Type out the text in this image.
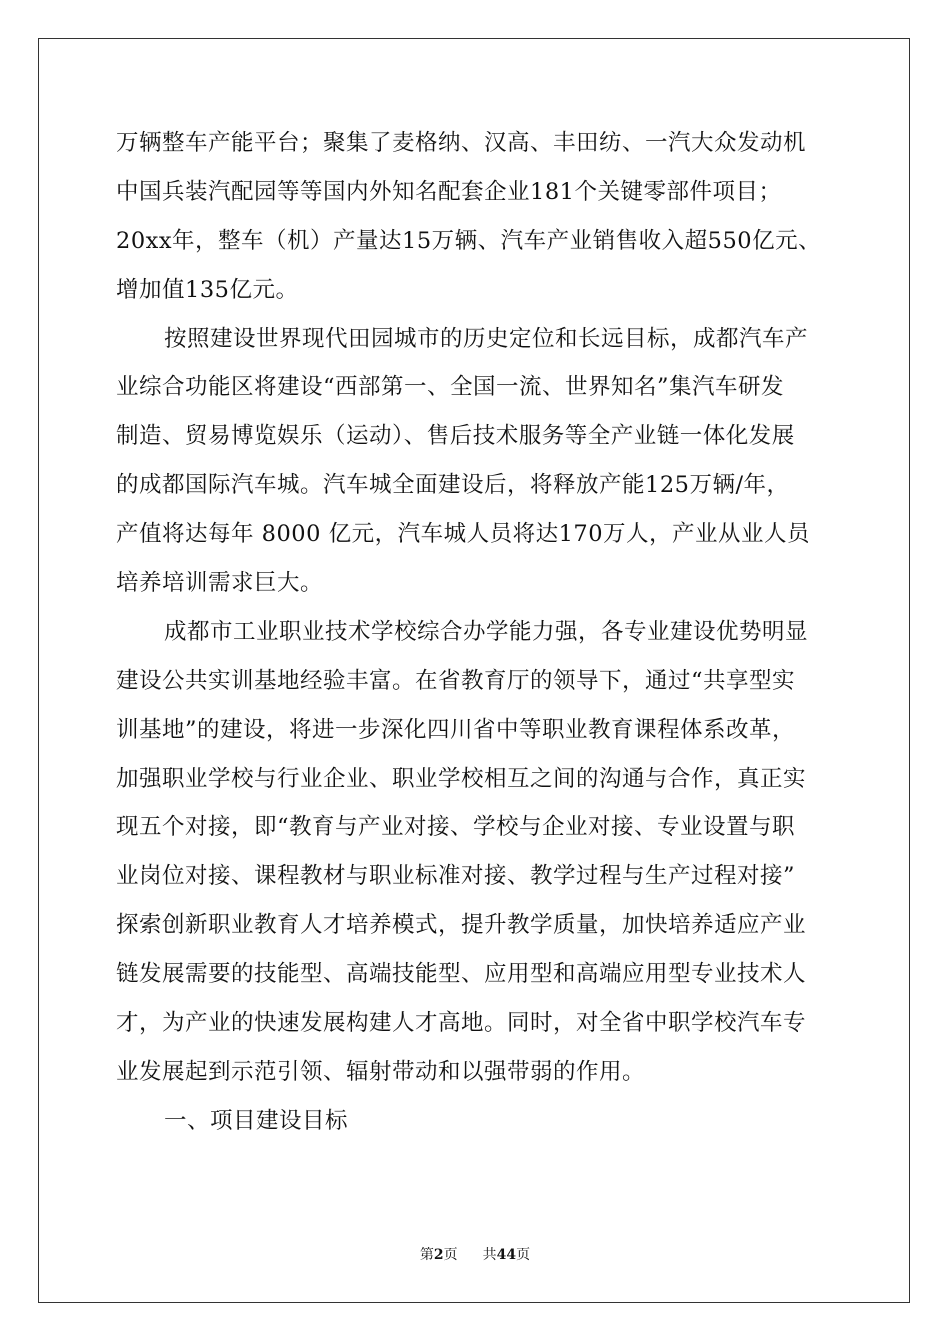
万辆整车产能平台；聚集了麦格纳、汉高、丰田纺、一汽大众发动机
中国兵装汽配园等等国内外知名配套企业181个关键零部件项目；
20xx年，整车（机）产量达15万辆、汽车产业销售收入超550亿元、
增加值135亿元。
按照建设世界现代田园城市的历史定位和长远目标，成都汽车产
业综合功能区将建设“西部第一、全国一流、世界知名”集汽车研发
制造、贸易博览娱乐（运动）、售后技术服务等全产业链一体化发展
的成都国际汽车城。汽车城全面建设后，将释放产能125万辆/年，
产值将达每年 8000 亿元，汽车城人员将达170万人，产业从业人员
培养培训需求巨大。
成都市工业职业技术学校综合办学能力强，各专业建设优势明显
建设公共实训基地经验丰富。在省教育厅的领导下，通过“共享型实
训基地”的建设，将进一步深化四川省中等职业教育课程体系改革，
加强职业学校与行业企业、职业学校相互之间的沟通与合作，真正实
现五个对接，即“教育与产业对接、学校与企业对接、专业设置与职
业岗位对接、课程教材与职业标准对接、教学过程与生产过程对接”
探索创新职业教育人才培养模式，提升教学质量，加快培养适应产业
链发展需要的技能型、高端技能型、应用型和高端应用型专业技术人
才，为产业的快速发展构建人才高地。同时，对全省中职学校汽车专
业发展起到示范引领、辐射带动和以强带弱的作用。
一、项目建设目标
第2页 共44页
